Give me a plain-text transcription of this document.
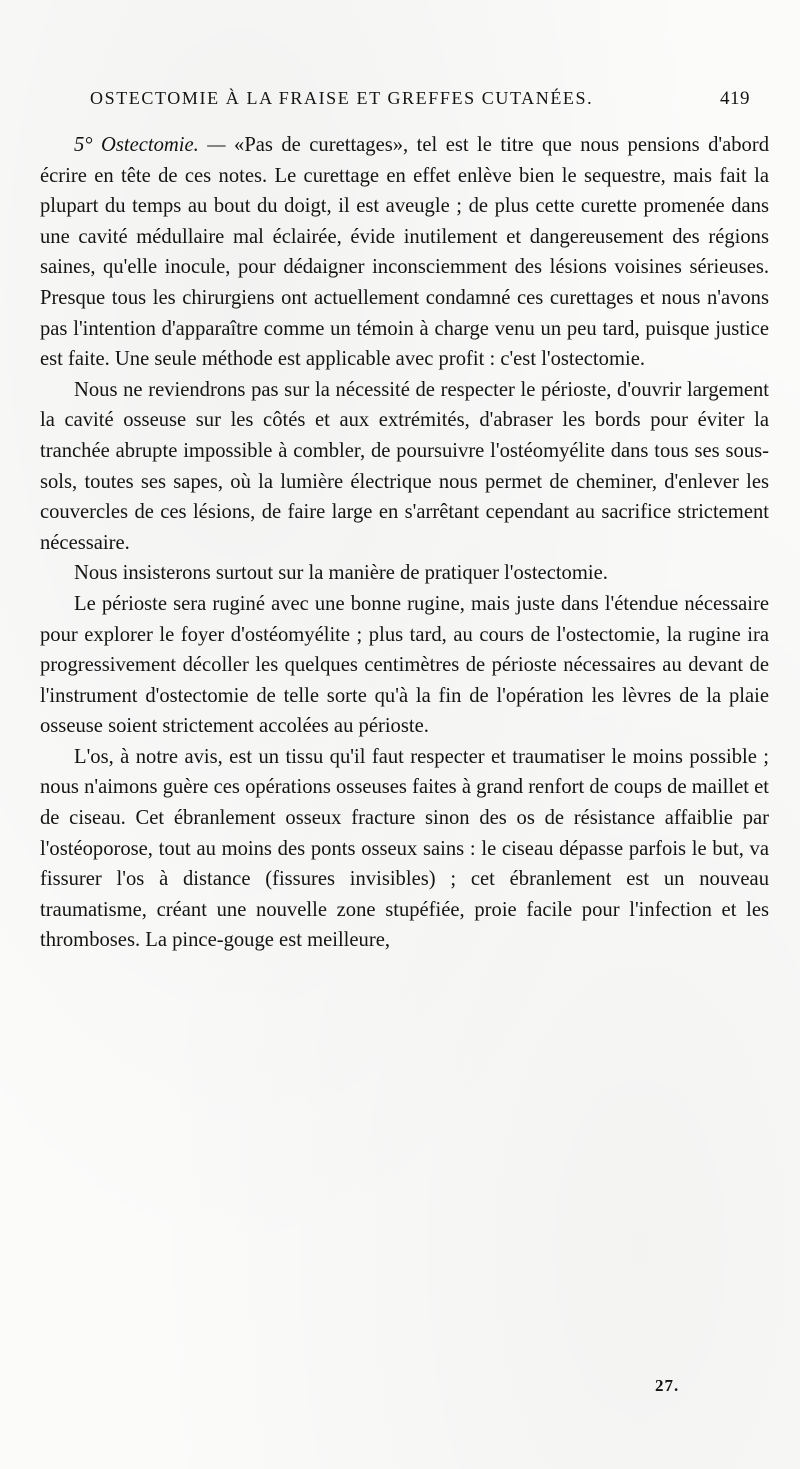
OSTECTOMIE À LA FRAISE ET GREFFES CUTANÉES.	419

5° Ostectomie. — «Pas de curettages», tel est le titre que nous pensions d'abord écrire en tête de ces notes. Le curettage en effet enlève bien le sequestre, mais fait la plupart du temps au bout du doigt, il est aveugle ; de plus cette curette promenée dans une cavité médullaire mal éclairée, évide inutilement et dangereusement des régions saines, qu'elle inocule, pour dédaigner inconsciemment des lésions voisines sérieuses. Presque tous les chirurgiens ont actuellement condamné ces curettages et nous n'avons pas l'intention d'apparaître comme un témoin à charge venu un peu tard, puisque justice est faite. Une seule méthode est applicable avec profit : c'est l'ostectomie.

Nous ne reviendrons pas sur la nécessité de respecter le périoste, d'ouvrir largement la cavité osseuse sur les côtés et aux extrémités, d'abraser les bords pour éviter la tranchée abrupte impossible à combler, de poursuivre l'ostéomyélite dans tous ses sous-sols, toutes ses sapes, où la lumière électrique nous permet de cheminer, d'enlever les couvercles de ces lésions, de faire large en s'arrêtant cependant au sacrifice strictement nécessaire.

Nous insisterons surtout sur la manière de pratiquer l'ostectomie.

Le périoste sera ruginé avec une bonne rugine, mais juste dans l'étendue nécessaire pour explorer le foyer d'ostéomyélite ; plus tard, au cours de l'ostectomie, la rugine ira progressivement décoller les quelques centimètres de périoste nécessaires au devant de l'instrument d'ostectomie de telle sorte qu'à la fin de l'opération les lèvres de la plaie osseuse soient strictement accolées au périoste.

L'os, à notre avis, est un tissu qu'il faut respecter et traumatiser le moins possible ; nous n'aimons guère ces opérations osseuses faites à grand renfort de coups de maillet et de ciseau. Cet ébranlement osseux fracture sinon des os de résistance affaiblie par l'ostéoporose, tout au moins des ponts osseux sains : le ciseau dépasse parfois le but, va fissurer l'os à distance (fissures invisibles) ; cet ébranlement est un nouveau traumatisme, créant une nouvelle zone stupéfiée, proie facile pour l'infection et les thromboses. La pince-gouge est meilleure,

27.
